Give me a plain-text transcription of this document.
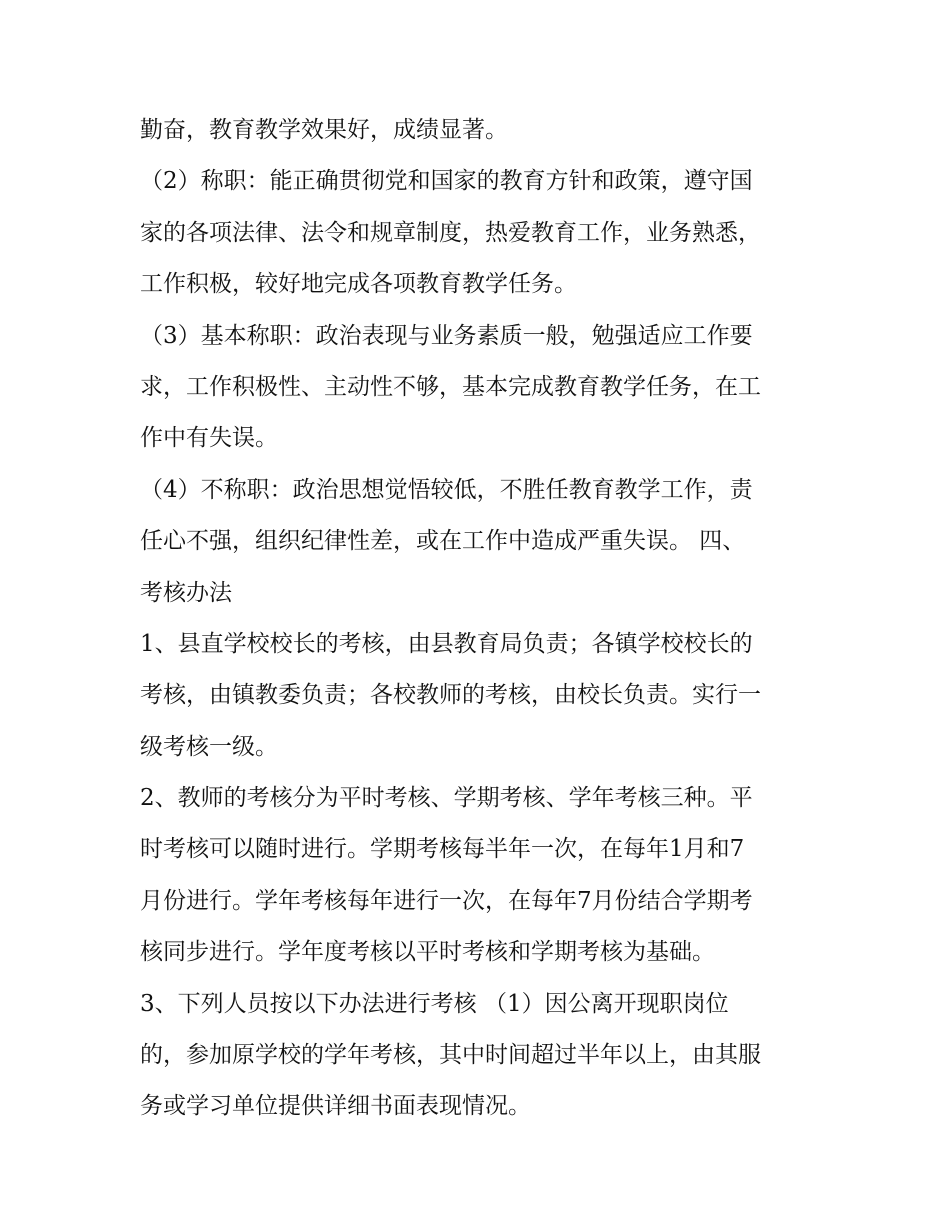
勤奋，教育教学效果好，成绩显著。
（2）称职：能正确贯彻党和国家的教育方针和政策，遵守国
家的各项法律、法令和规章制度，热爱教育工作，业务熟悉，
工作积极，较好地完成各项教育教学任务。
（3）基本称职：政治表现与业务素质一般，勉强适应工作要
求，工作积极性、主动性不够，基本完成教育教学任务，在工
作中有失误。
（4）不称职：政治思想觉悟较低，不胜任教育教学工作，责
任心不强，组织纪律性差，或在工作中造成严重失误。 四、
考核办法
1、县直学校校长的考核，由县教育局负责；各镇学校校长的
考核，由镇教委负责；各校教师的考核，由校长负责。实行一
级考核一级。
2、教师的考核分为平时考核、学期考核、学年考核三种。平
时考核可以随时进行。学期考核每半年一次，在每年1月和7
月份进行。学年考核每年进行一次，在每年7月份结合学期考
核同步进行。学年度考核以平时考核和学期考核为基础。
3、下列人员按以下办法进行考核 （1）因公离开现职岗位
的，参加原学校的学年考核，其中时间超过半年以上，由其服
务或学习单位提供详细书面表现情况。
